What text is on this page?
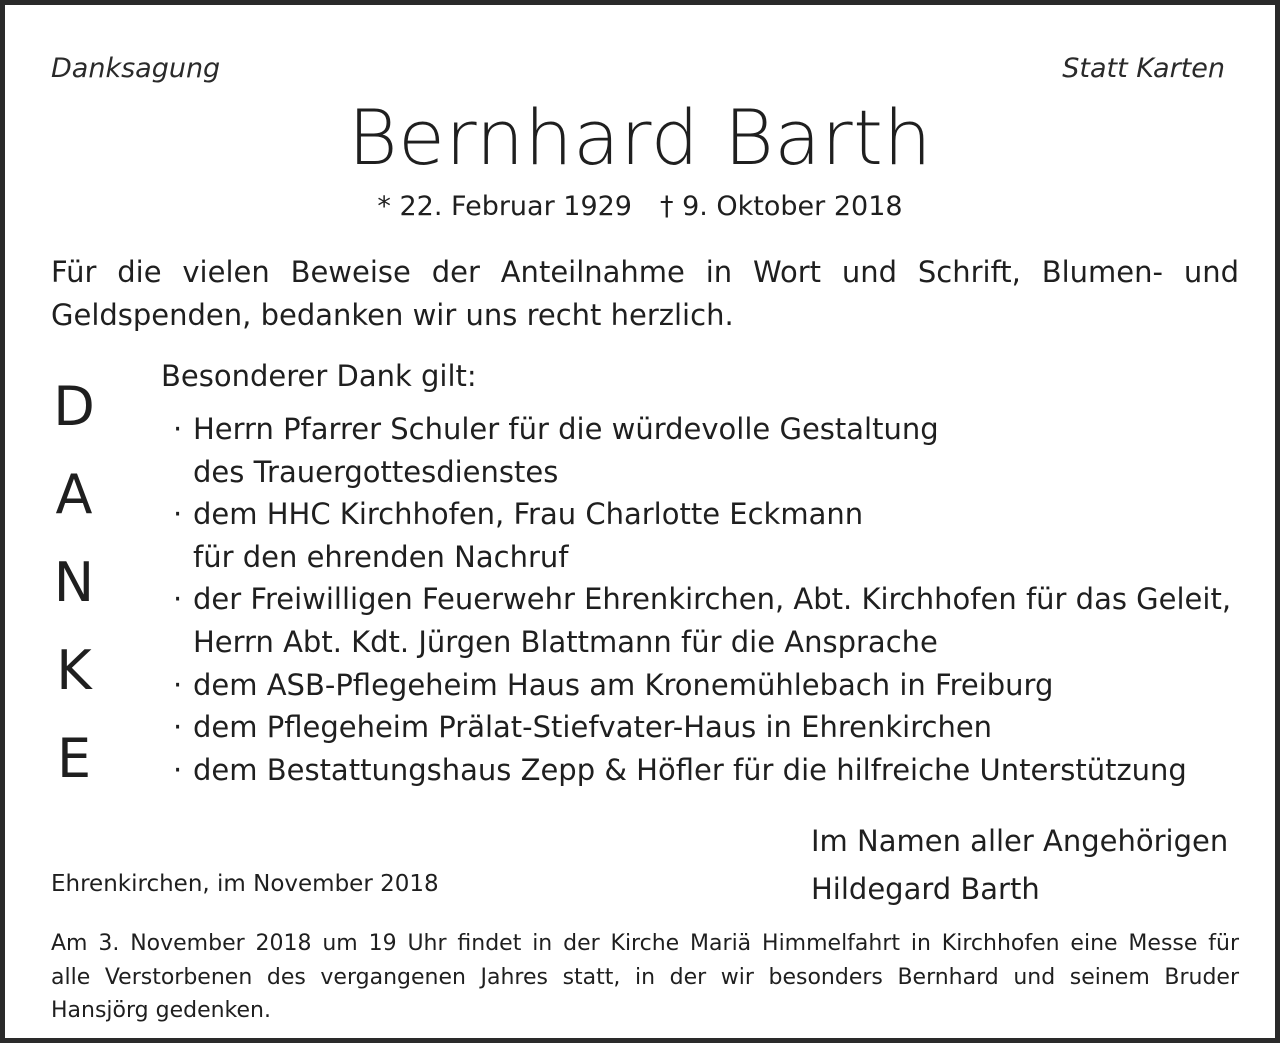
Danksagung	Statt Karten
Bernhard Barth
* 22. Februar 1929 † 9. Oktober 2018
Für die vielen Beweise der Anteilnahme in Wort und Schrift, Blumen- und
Geldspenden, bedanken wir uns recht herzlich.
D
A
N
K
E
Besonderer Dank gilt:
· Herrn Pfarrer Schuler für die würdevolle Gestaltung
des Trauergottesdienstes
· dem HHC Kirchhofen, Frau Charlotte Eckmann
für den ehrenden Nachruf
· der Freiwilligen Feuerwehr Ehrenkirchen, Abt. Kirchhofen für das Geleit,
Herrn Abt. Kdt. Jürgen Blattmann für die Ansprache
· dem ASB-Pflegeheim Haus am Kronemühlebach in Freiburg
· dem Pflegeheim Prälat-Stiefvater-Haus in Ehrenkirchen
· dem Bestattungshaus Zepp & Höfler für die hilfreiche Unterstützung
Im Namen aller Angehörigen
Hildegard Barth
Ehrenkirchen, im November 2018
Am 3. November 2018 um 19 Uhr findet in der Kirche Mariä Himmelfahrt in Kirchhofen eine Messe für
alle Verstorbenen des vergangenen Jahres statt, in der wir besonders Bernhard und seinem Bruder
Hansjörg gedenken.
